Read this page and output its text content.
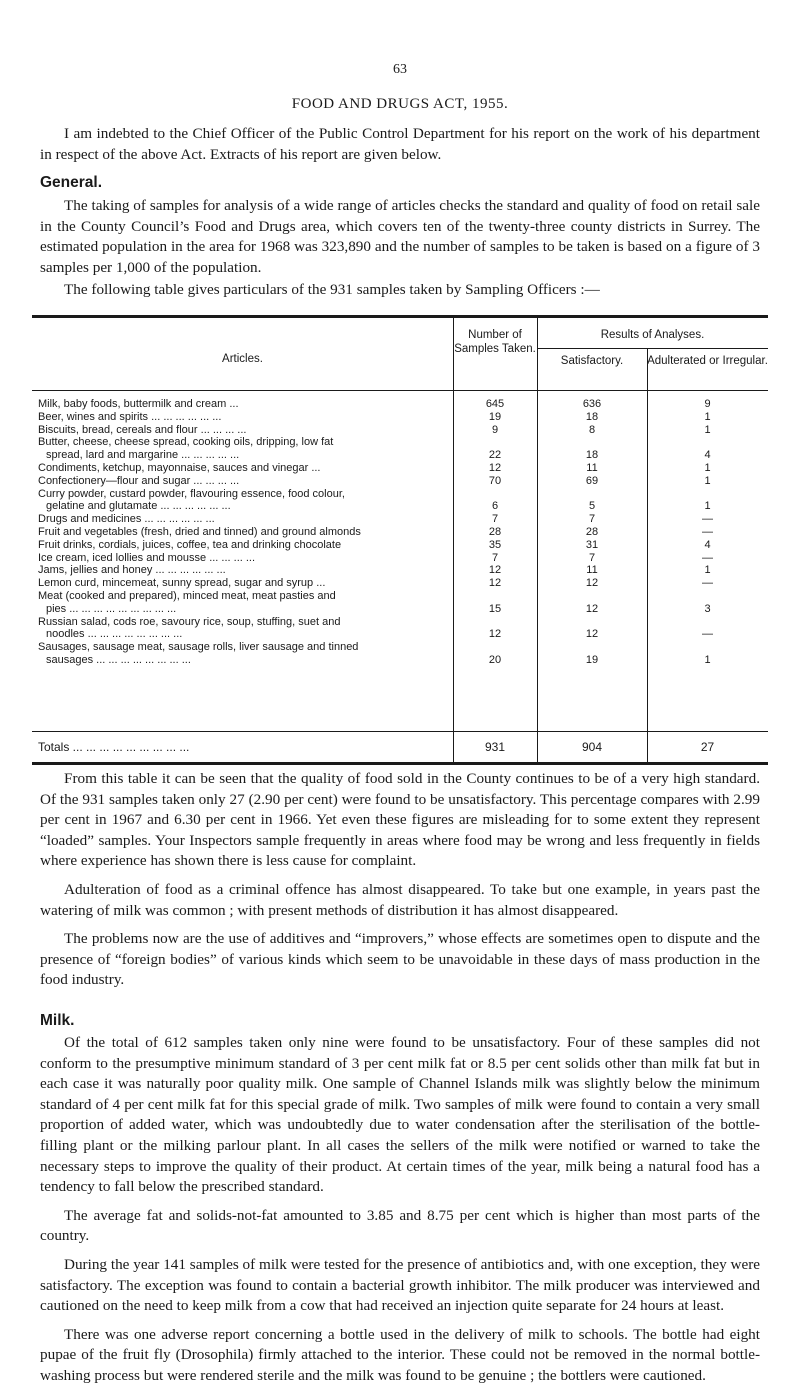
63
FOOD AND DRUGS ACT, 1955.

I am indebted to the Chief Officer of the Public Control Department for his report on the work of his department in respect of the above Act. Extracts of his report are given below.

General.

The taking of samples for analysis of a wide range of articles checks the standard and quality of food on retail sale in the County Council’s Food and Drugs area, which covers ten of the twenty-three county districts in Surrey. The estimated population in the area for 1968 was 323,890 and the number of samples to be taken is based on a figure of 3 samples per 1,000 of the population.

The following table gives particulars of the 931 samples taken by Sampling Officers :—

Articles.
Number of Samples Taken.
Results of Analyses.
Satisfactory.	Adulterated or Irregular.
Milk, baby foods, buttermilk and cream ...	645	636	9
Beer, wines and spirits ... ... ... ... ... ...	19	18	1
Biscuits, bread, cereals and flour ... ... ... ...	9	8	1
Butter, cheese, cheese spread, cooking oils, dripping, low fat
spread, lard and margarine ... ... ... ... ...	22	18	4
Condiments, ketchup, mayonnaise, sauces and vinegar ...	12	11	1
Confectionery—flour and sugar ... ... ... ...	70	69	1
Curry powder, custard powder, flavouring essence, food colour,
gelatine and glutamate ... ... ... ... ... ...	6	5	1
Drugs and medicines ... ... ... ... ... ...	7	7	—
Fruit and vegetables (fresh, dried and tinned) and ground almonds	28	28	—
Fruit drinks, cordials, juices, coffee, tea and drinking chocolate	35	31	4
Ice cream, iced lollies and mousse ... ... ... ...	7	7	—
Jams, jellies and honey ... ... ... ... ... ...	12	11	1
Lemon curd, mincemeat, sunny spread, sugar and syrup ...	12	12	—
Meat (cooked and prepared), minced meat, meat pasties and
pies ... ... ... ... ... ... ... ... ...	15	12	3
Russian salad, cods roe, savoury rice, soup, stuffing, suet and
noodles ... ... ... ... ... ... ... ...	12	12	—
Sausages, sausage meat, sausage rolls, liver sausage and tinned
sausages ... ... ... ... ... ... ... ...	20	19	1
Totals ... ... ... ... ... ... ... ... ...	931	904	27

From this table it can be seen that the quality of food sold in the County continues to be of a very high standard. Of the 931 samples taken only 27 (2.90 per cent) were found to be unsatisfactory. This percentage compares with 2.99 per cent in 1967 and 6.30 per cent in 1966. Yet even these figures are misleading for to some extent they represent “loaded” samples. Your Inspectors sample frequently in areas where food may be wrong and less frequently in fields where experience has shown there is less cause for complaint.

Adulteration of food as a criminal offence has almost disappeared. To take but one example, in years past the watering of milk was common ; with present methods of distribution it has almost disappeared.

The problems now are the use of additives and “improvers,” whose effects are sometimes open to dispute and the presence of “foreign bodies” of various kinds which seem to be unavoidable in these days of mass production in the food industry.

Milk.

Of the total of 612 samples taken only nine were found to be unsatisfactory. Four of these samples did not conform to the presumptive minimum standard of 3 per cent milk fat or 8.5 per cent solids other than milk fat but in each case it was naturally poor quality milk. One sample of Channel Islands milk was slightly below the minimum standard of 4 per cent milk fat for this special grade of milk. Two samples of milk were found to contain a very small proportion of added water, which was undoubtedly due to water condensation after the sterilisation of the bottle-filling plant or the milking parlour plant. In all cases the sellers of the milk were notified or warned to take the necessary steps to improve the quality of their product. At certain times of the year, milk being a natural food has a tendency to fall below the prescribed standard.

The average fat and solids-not-fat amounted to 3.85 and 8.75 per cent which is higher than most parts of the country.

During the year 141 samples of milk were tested for the presence of antibiotics and, with one exception, they were satisfactory. The exception was found to contain a bacterial growth inhibitor. The milk producer was interviewed and cautioned on the need to keep milk from a cow that had received an injection quite separate for 24 hours at least.

There was one adverse report concerning a bottle used in the delivery of milk to schools. The bottle had eight pupae of the fruit fly (Drosophila) firmly attached to the interior. These could not be removed in the normal bottle-washing process but were rendered sterile and the milk was found to be genuine ; the bottlers were cautioned.
